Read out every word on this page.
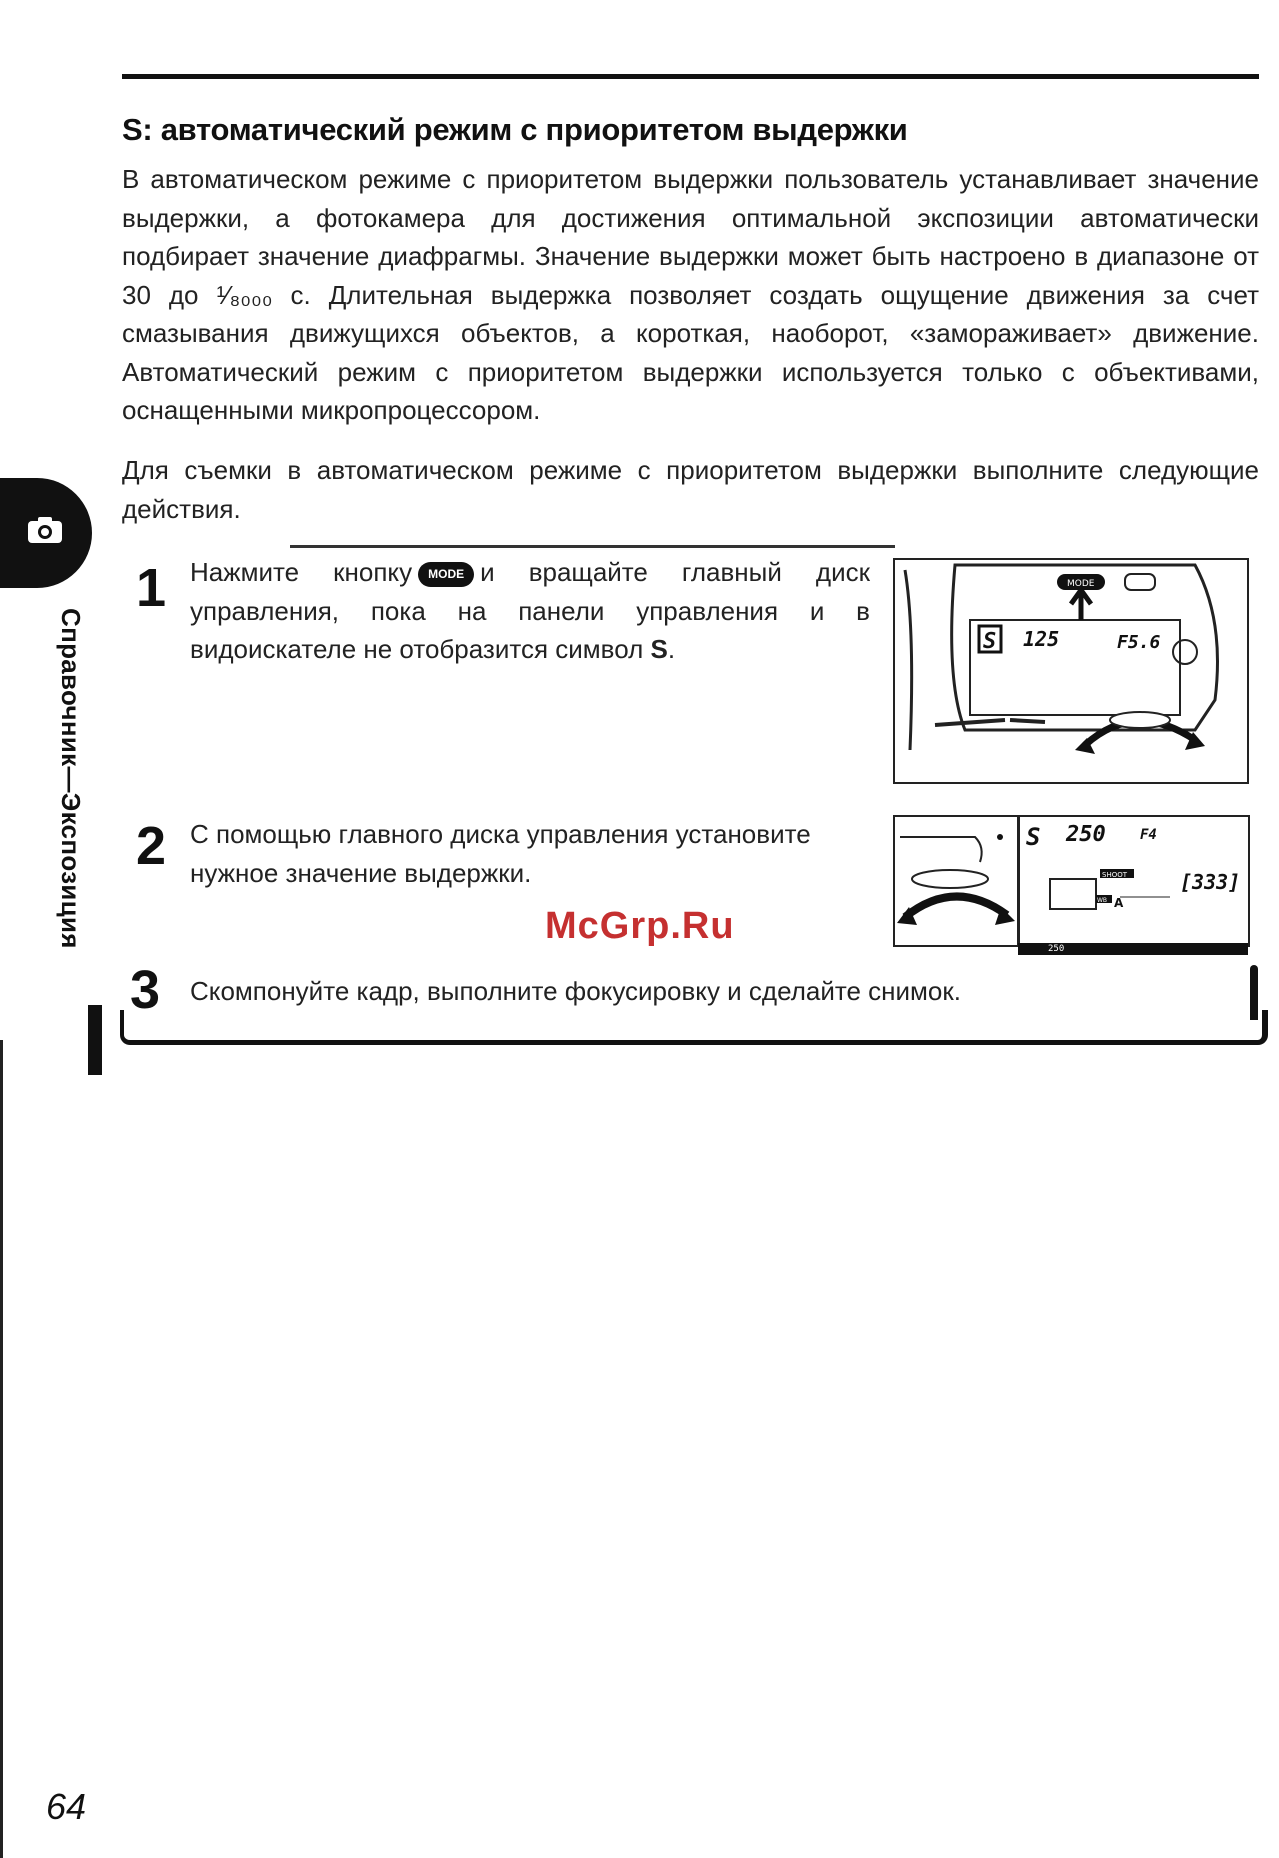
S: автоматический режим с приоритетом выдержки
В автоматическом режиме с приоритетом выдержки пользователь устанавливает значение выдержки, а фотокамера для достижения оптимальной экспозиции автоматически подбирает значение диафрагмы. Значение выдержки может быть настроено в диапазоне от 30 до ¹⁄₈₀₀₀ с. Длительная выдержка позволяет создать ощущение движения за счет смазывания движущихся объектов, а короткая, наоборот, «замораживает» движение. Автоматический режим с приоритетом выдержки используется только с объективами, оснащенными микропроцессором.
Для съемки в автоматическом режиме с приоритетом выдержки выполните следующие действия.
Справочник—Экспозиция
1 Нажмите кнопку MODE и вращайте главный диск управления, пока на панели управления и в видоискателе не отобразится символ S.	S 125	F5.6
MODE
2 С помощью главного диска управления установите нужное значение выдержки.
S 250 F4
SHOOT	[333]
WB A
250
McGrp.Ru
3 Скомпонуйте кадр, выполните фокусировку и сделайте снимок.
64
